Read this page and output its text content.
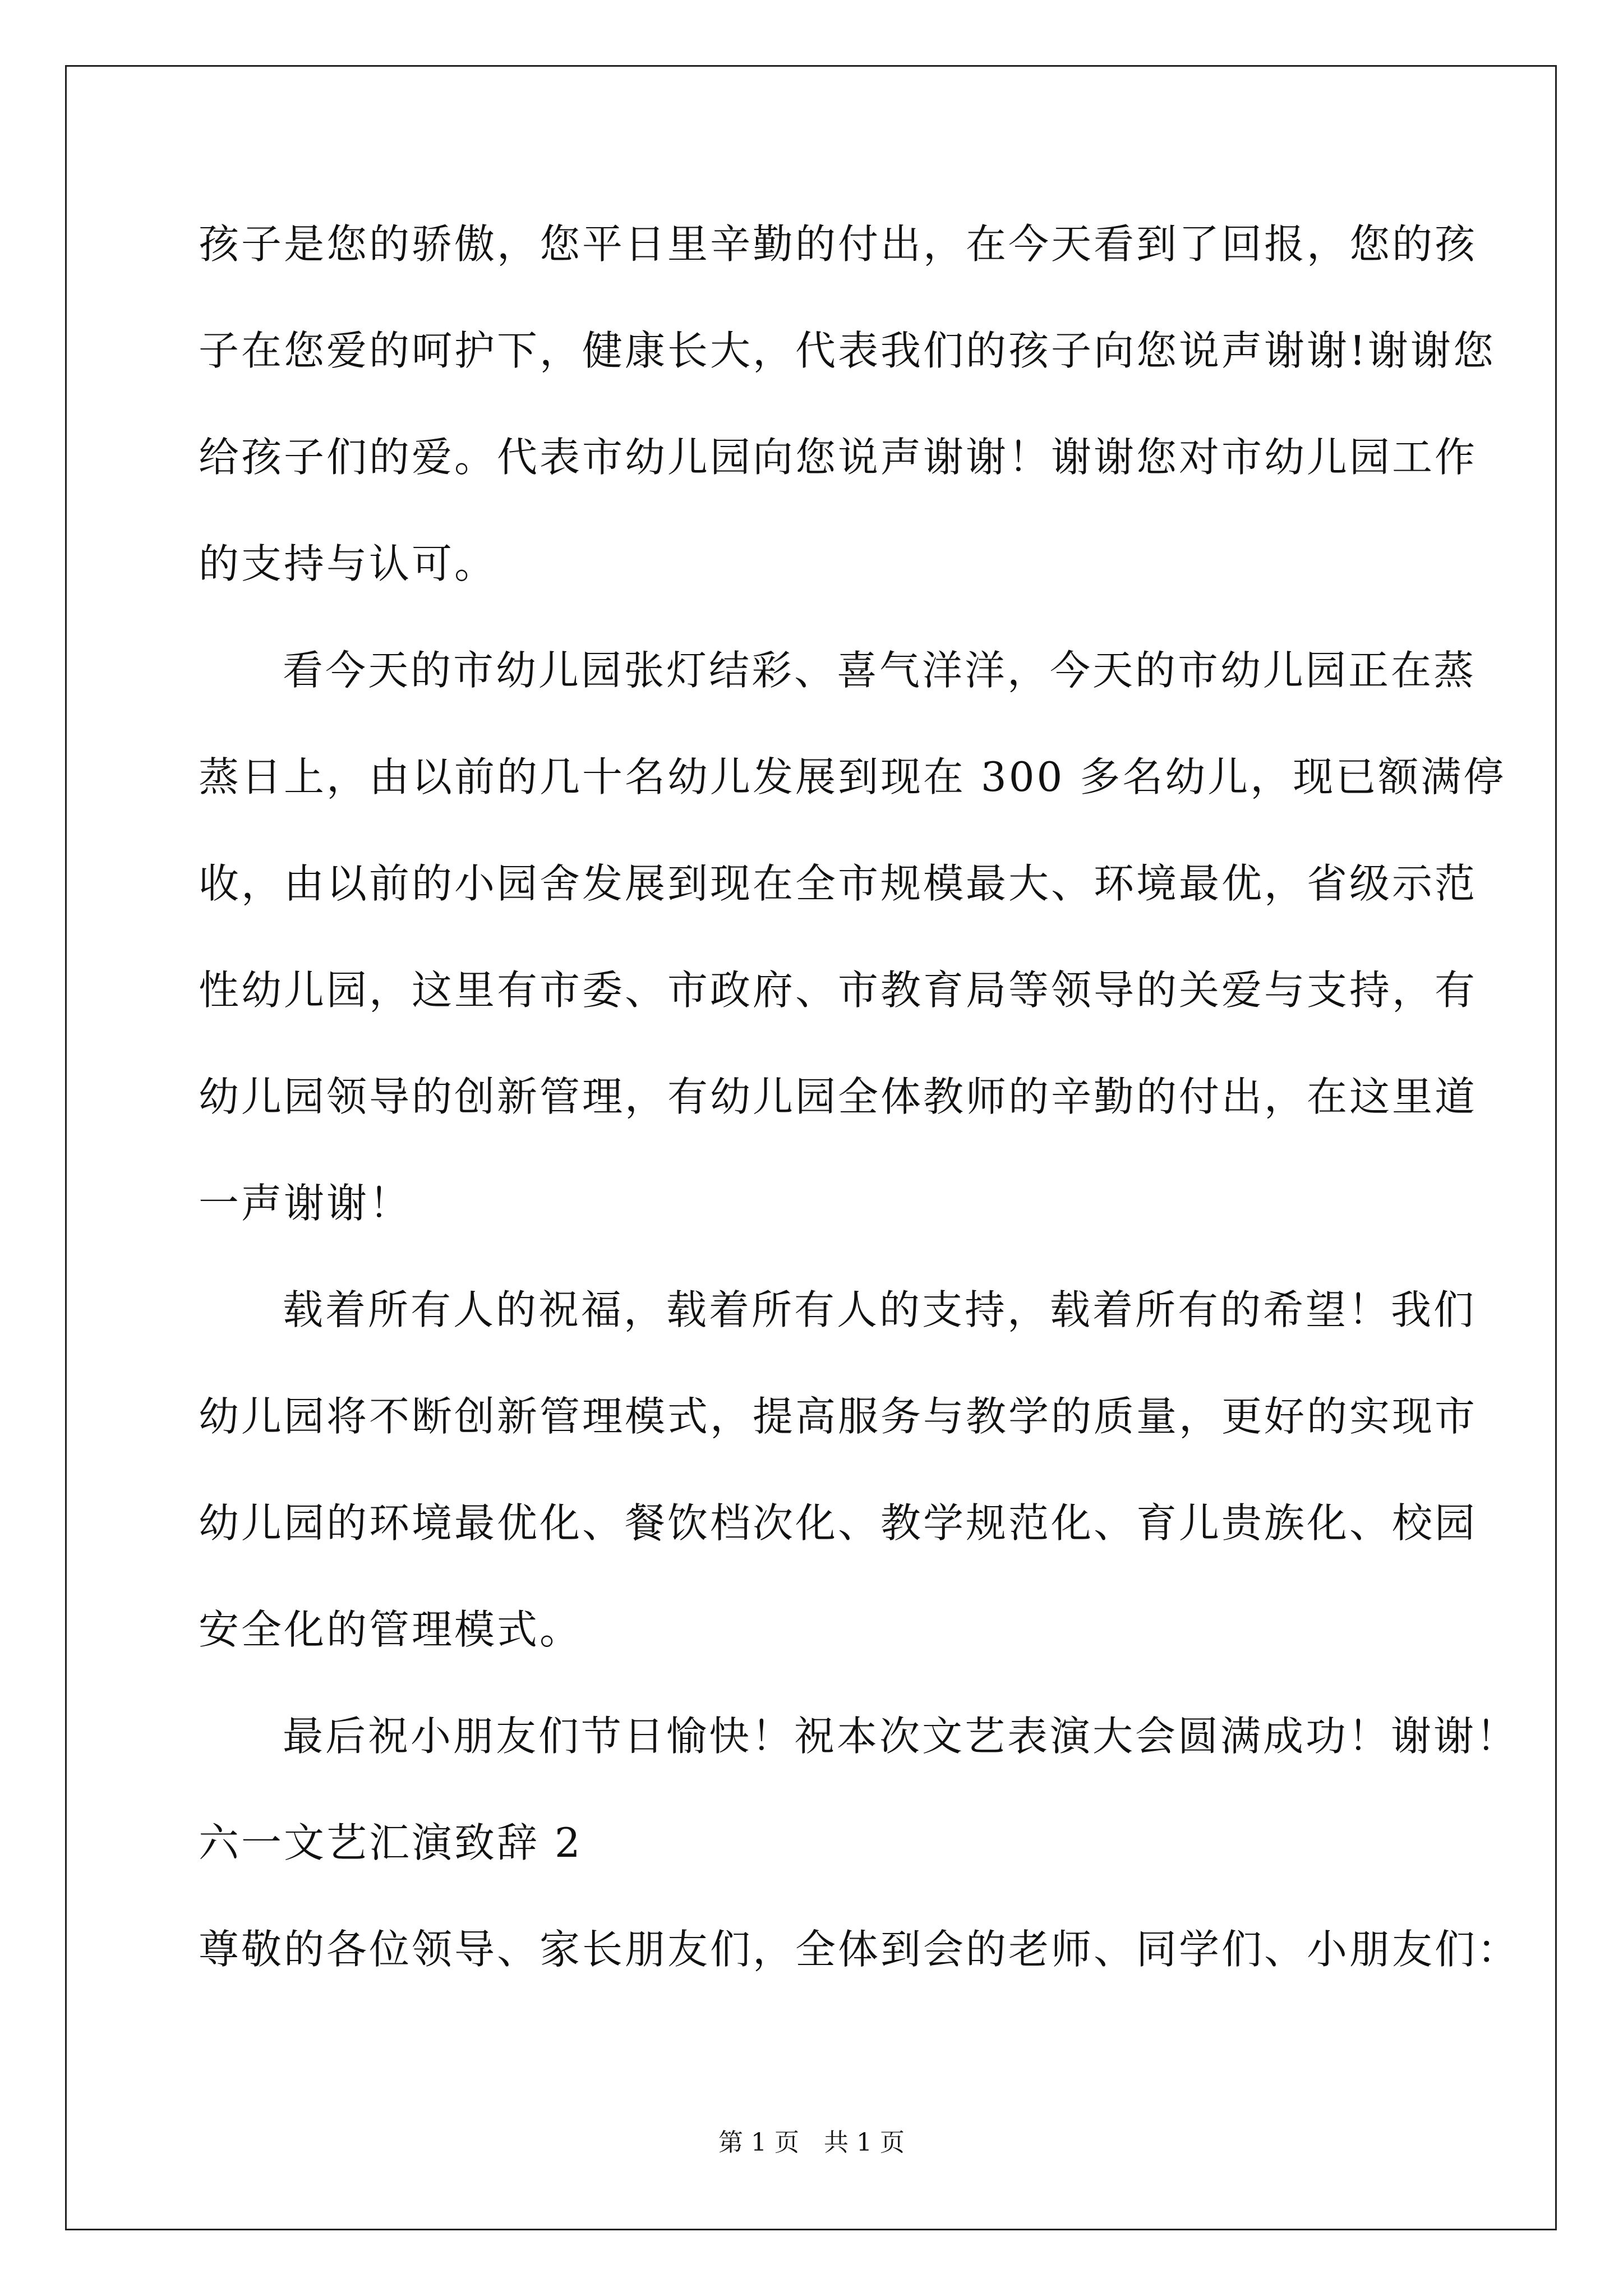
孩子是您的骄傲，您平日里辛勤的付出，在今天看到了回报，您的孩
子在您爱的呵护下，健康长大，代表我们的孩子向您说声谢谢!谢谢您
给孩子们的爱。代表市幼儿园向您说声谢谢！谢谢您对市幼儿园工作
的支持与认可。
看今天的市幼儿园张灯结彩、喜气洋洋，今天的市幼儿园正在蒸
蒸日上，由以前的几十名幼儿发展到现在 300 多名幼儿，现已额满停
收，由以前的小园舍发展到现在全市规模最大、环境最优，省级示范
性幼儿园，这里有市委、市政府、市教育局等领导的关爱与支持，有
幼儿园领导的创新管理，有幼儿园全体教师的辛勤的付出，在这里道
一声谢谢！
载着所有人的祝福，载着所有人的支持，载着所有的希望！我们
幼儿园将不断创新管理模式，提高服务与教学的质量，更好的实现市
幼儿园的环境最优化、餐饮档次化、教学规范化、育儿贵族化、校园
安全化的管理模式。
最后祝小朋友们节日愉快！祝本次文艺表演大会圆满成功！谢谢！
六一文艺汇演致辞 2
尊敬的各位领导、家长朋友们，全体到会的老师、同学们、小朋友们：
第 1 页　共 1 页
